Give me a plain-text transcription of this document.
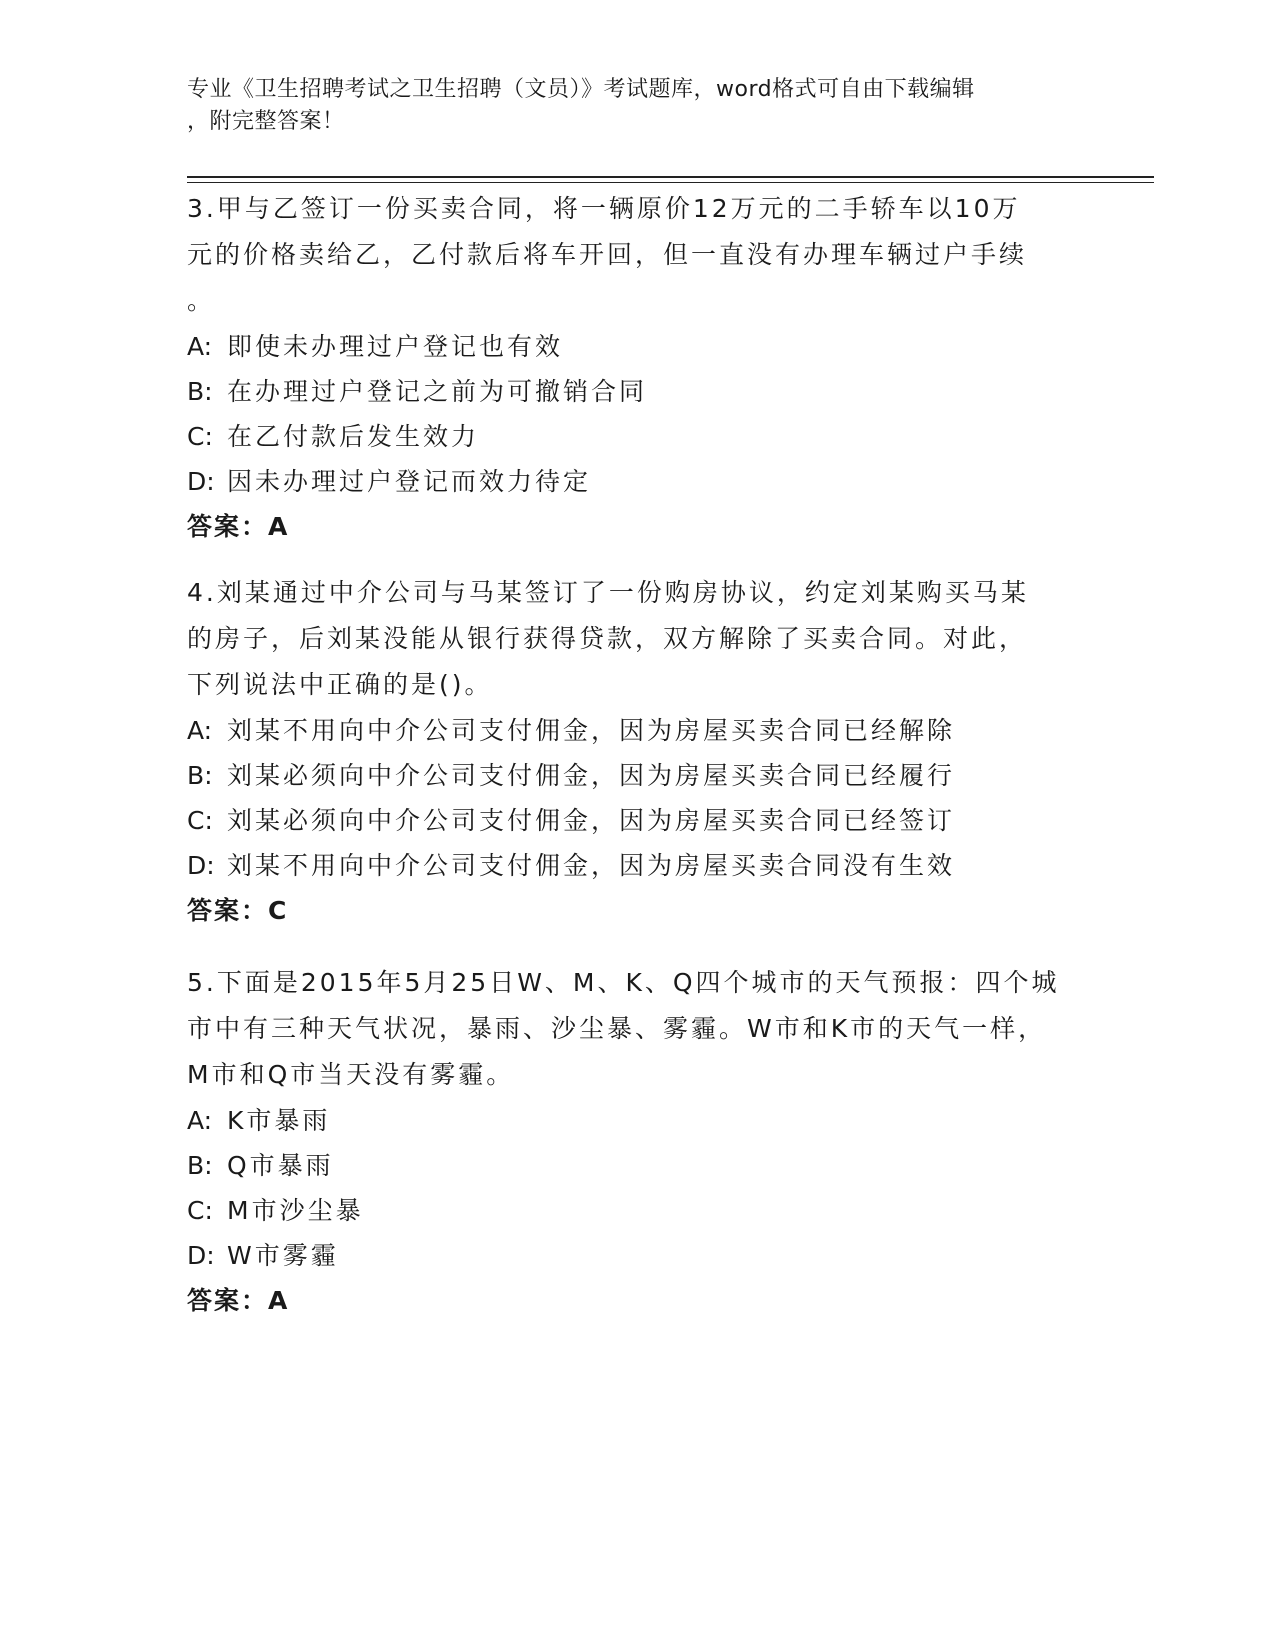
专业《卫生招聘考试之卫生招聘（文员）》考试题库，word格式可自由下载编辑
，附完整答案！
3.甲与乙签订一份买卖合同，将一辆原价12万元的二手轿车以10万
元的价格卖给乙，乙付款后将车开回，但一直没有办理车辆过户手续
。
A: 即使未办理过户登记也有效
B: 在办理过户登记之前为可撤销合同
C: 在乙付款后发生效力
D: 因未办理过户登记而效力待定
答案：A
4.刘某通过中介公司与马某签订了一份购房协议，约定刘某购买马某
的房子，后刘某没能从银行获得贷款，双方解除了买卖合同。对此，
下列说法中正确的是()。
A: 刘某不用向中介公司支付佣金，因为房屋买卖合同已经解除
B: 刘某必须向中介公司支付佣金，因为房屋买卖合同已经履行
C: 刘某必须向中介公司支付佣金，因为房屋买卖合同已经签订
D: 刘某不用向中介公司支付佣金，因为房屋买卖合同没有生效
答案：C
5.下面是2015年5月25日W、M、K、Q四个城市的天气预报：四个城
市中有三种天气状况，暴雨、沙尘暴、雾霾。W市和K市的天气一样，
M市和Q市当天没有雾霾。
A: K市暴雨
B: Q市暴雨
C: M市沙尘暴
D: W市雾霾
答案：A
